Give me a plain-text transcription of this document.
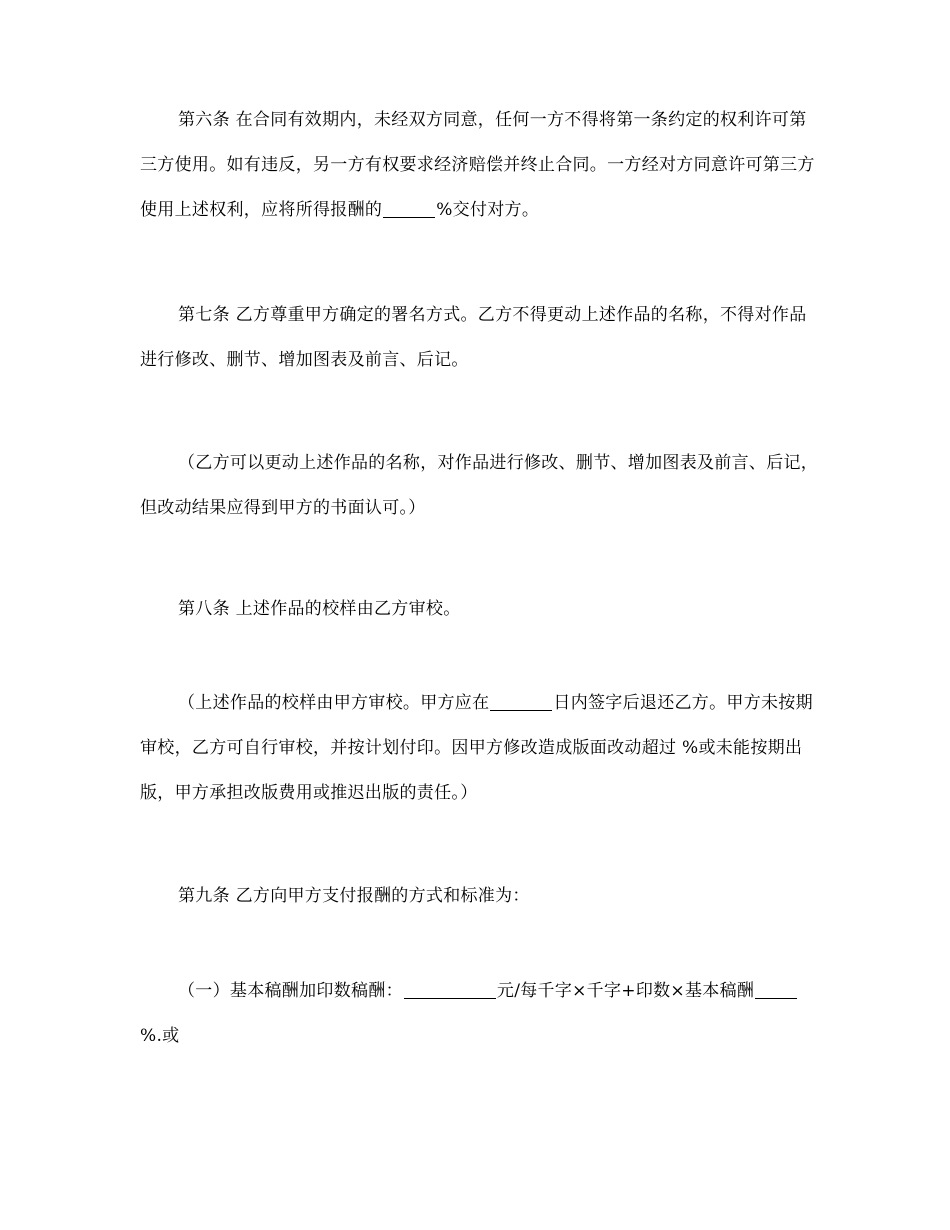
第六条 在合同有效期内，未经双方同意，任何一方不得将第一条约定的权利许可第三方使用。如有违反，另一方有权要求经济赔偿并终止合同。一方经对方同意许可第三方使用上述权利，应将所得报酬的	%交付对方。

第七条 乙方尊重甲方确定的署名方式。乙方不得更动上述作品的名称，不得对作品进行修改、删节、增加图表及前言、后记。

（乙方可以更动上述作品的名称，对作品进行修改、删节、增加图表及前言、后记，但改动结果应得到甲方的书面认可。）

第八条 上述作品的校样由乙方审校。

（上述作品的校样由甲方审校。甲方应在	日内签字后退还乙方。甲方未按期审校，乙方可自行审校，并按计划付印。因甲方修改造成版面改动超过 %或未能按期出版，甲方承担改版费用或推迟出版的责任。）

第九条 乙方向甲方支付报酬的方式和标准为：

（一）基本稿酬加印数稿酬：	元/每千字×千字+印数×基本稿酬%.或
